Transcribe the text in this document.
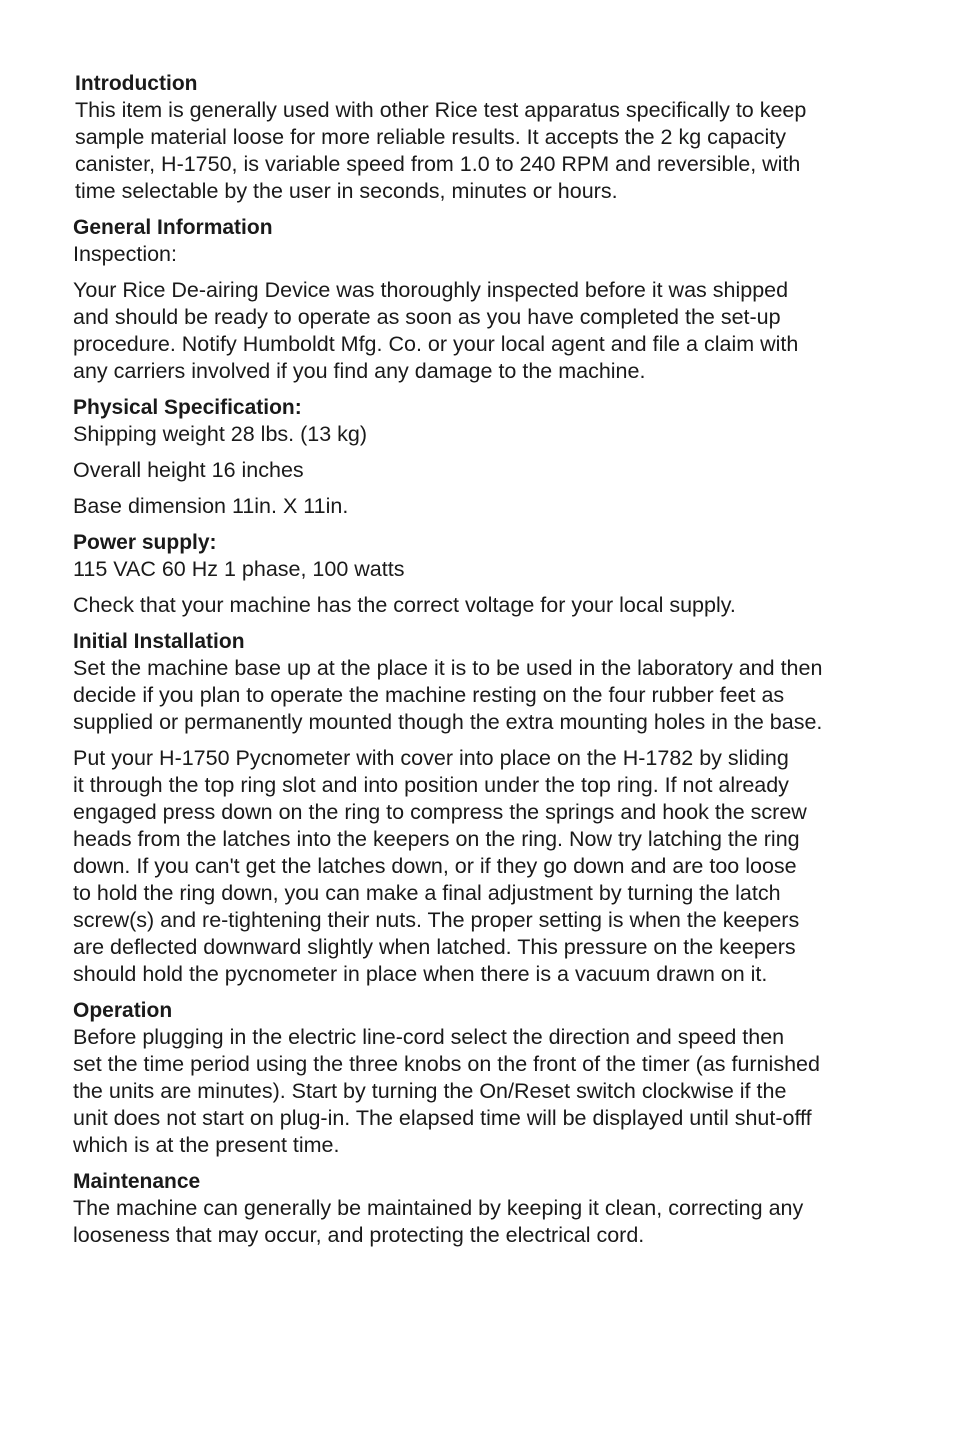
Introduction

This item is generally used with other Rice test apparatus specifically to keep
sample material loose for more reliable results. It accepts the 2 kg capacity
canister, H-1750, is variable speed from 1.0 to 240 RPM and reversible, with
time selectable by the user in seconds, minutes or hours.

General Information

Inspection:

Your Rice De-airing Device was thoroughly inspected before it was shipped
and should be ready to operate as soon as you have completed the set-up
procedure. Notify Humboldt Mfg. Co. or your local agent and file a claim with
any carriers involved if you find any damage to the machine.

Physical Specification:

Shipping weight 28 lbs. (13 kg)

Overall height 16 inches

Base dimension 11in. X 11in.

Power supply:

115 VAC 60 Hz 1 phase, 100 watts

Check that your machine has the correct voltage for your local supply.

Initial Installation

Set the machine base up at the place it is to be used in the laboratory and then
decide if you plan to operate the machine resting on the four rubber feet as
supplied or permanently mounted though the extra mounting holes in the base.

Put your H-1750 Pycnometer with cover into place on the H-1782 by sliding
it through the top ring slot and into position under the top ring. If not already
engaged press down on the ring to compress the springs and hook the screw
heads from the latches into the keepers on the ring. Now try latching the ring
down. If you can't get the latches down, or if they go down and are too loose
to hold the ring down, you can make a final adjustment by turning the latch
screw(s) and re-tightening their nuts. The proper setting is when the keepers
are deflected downward slightly when latched. This pressure on the keepers
should hold the pycnometer in place when there is a vacuum drawn on it.

Operation

Before plugging in the electric line-cord select the direction and speed then
set the time period using the three knobs on the front of the timer (as furnished
the units are minutes). Start by turning the On/Reset switch clockwise if the
unit does not start on plug-in. The elapsed time will be displayed until shut-offf
which is at the present time.

Maintenance

The machine can generally be maintained by keeping it clean, correcting any
looseness that may occur, and protecting the electrical cord.
